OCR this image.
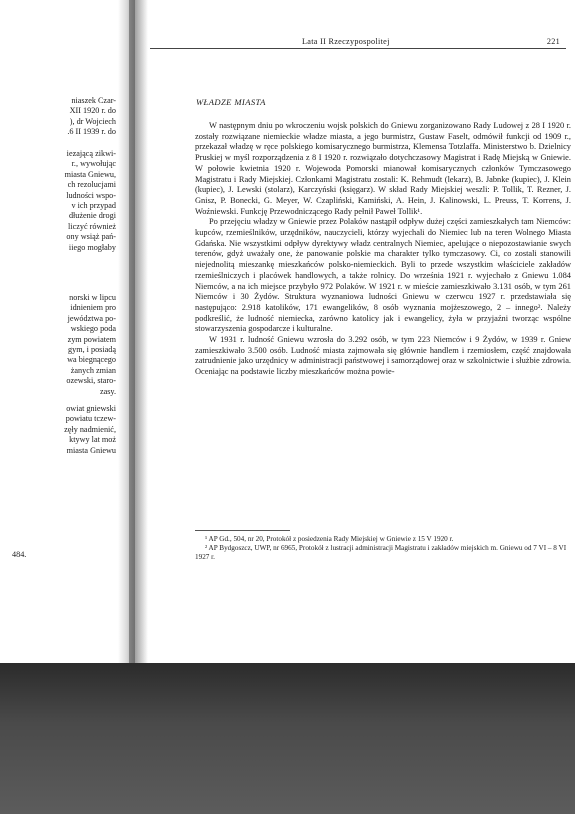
niaszek Czar-
XII 1920 r. do
), dr Wojciech
.6 II 1939 r. do
iezającą zikwi-
r., wywołując
miasta Gniewu,
ch rezolucjami
ludności wspo-
v ich przypad
dłużenie drogi
liczyć również
ony wsiąż pań-
iiego mogłaby
norski w lipcu
idnieniem pro
jewództwa po-
wskiego poda
zym powiatem
gym, i posiadą
wa biegnącego
żanych zmian
ozewski, staro-
zasy.
owiat gniewski
powiatu tczew-
zęły nadmienić,
ktywy lat moż
miasta Gniewu
484.
Lata II Rzeczypospolitej	221
WŁADZE MIASTA

W następnym dniu po wkroczeniu wojsk polskich do Gniewu zorganizowano Rady Ludowej z 28 I 1920 r. zostały rozwiązane niemieckie władze miasta, a jego burmistrz, Gustaw Faselt, odmówił funkcji od 1909 r., przekazał władzę w ręce polskiego komisarycznego burmistrza, Klemensa Totzlaffa. Ministerstwo b. Dzielnicy Pruskiej w myśl rozporządzenia z 8 I 1920 r. rozwiązało dotychczasowy Magistrat i Radę Miejską w Gniewie. W połowie kwietnia 1920 r. Wojewoda Pomorski mianował komisarycznych członków Tymczasowego Magistratu i Rady Miejskiej. Członkami Magistratu zostali: K. Rehmudt (lekarz), B. Jabnke (kupiec), J. Klein (kupiec), J. Lewski (stolarz), Karczyński (księgarz). W skład Rady Miejskiej weszli: P. Tollik, T. Rezner, J. Gnisz, P. Bonecki, G. Meyer, W. Czapliński, Kamiński, A. Hein, J. Kalinowski, L. Preuss, T. Korrens, J. Woźniewski. Funkcję Przewodniczącego Rady pełnił Paweł Tollik¹.

Po przejęciu władzy w Gniewie przez Polaków nastąpił odpływ dużej części zamieszkałych tam Niemców: kupców, rzemieślników, urzędników, nauczycieli, którzy wyjechali do Niemiec lub na teren Wolnego Miasta Gdańska. Nie wszystkimi odpływ dyrektywy władz centralnych Niemiec, apelujące o niepozostawianie swych terenów, gdyż uważały one, że panowanie polskie ma charakter tylko tymczasowy. Ci, co zostali stanowili niejednolitą mieszankę mieszkańców polsko-niemieckich. Byli to przede wszystkim właściciele zakładów rzemieślniczych i placówek handlowych, a także rolnicy. Do września 1921 r. wyjechało z Gniewu 1.084 Niemców, a na ich miejsce przybyło 972 Polaków. W 1921 r. w mieście zamieszkiwało 3.131 osób, w tym 261 Niemców i 30 Żydów. Struktura wyznaniowa ludności Gniewu w czerwcu 1927 r. przedstawiała się następująco: 2.918 katolików, 171 ewangelików, 8 osób wyznania mojżeszowego, 2 – innego². Należy podkreślić, że ludność niemiecka, zarówno katolicy jak i ewangelicy, żyła w przyjaźni tworząc wspólne stowarzyszenia gospodarcze i kulturalne.

W 1931 r. ludność Gniewu wzrosła do 3.292 osób, w tym 223 Niemców i 9 Żydów, w 1939 r. Gniew zamieszkiwało 3.500 osób. Ludność miasta zajmowała się głównie handlem i rzemiosłem, część znajdowała zatrudnienie jako urzędnicy w administracji państwowej i samorządowej oraz w szkolnictwie i służbie zdrowia. Oceniając na podstawie liczby mieszkańców można powie-

¹ AP Gd., 504, nr 20, Protokół z posiedzenia Rady Miejskiej w Gniewie z 15 V 1920 r.

² AP Bydgoszcz, UWP, nr 6965, Protokół z lustracji administracji Magistratu i zakładów miejskich m. Gniewu od 7 VI – 8 VI 1927 r.
